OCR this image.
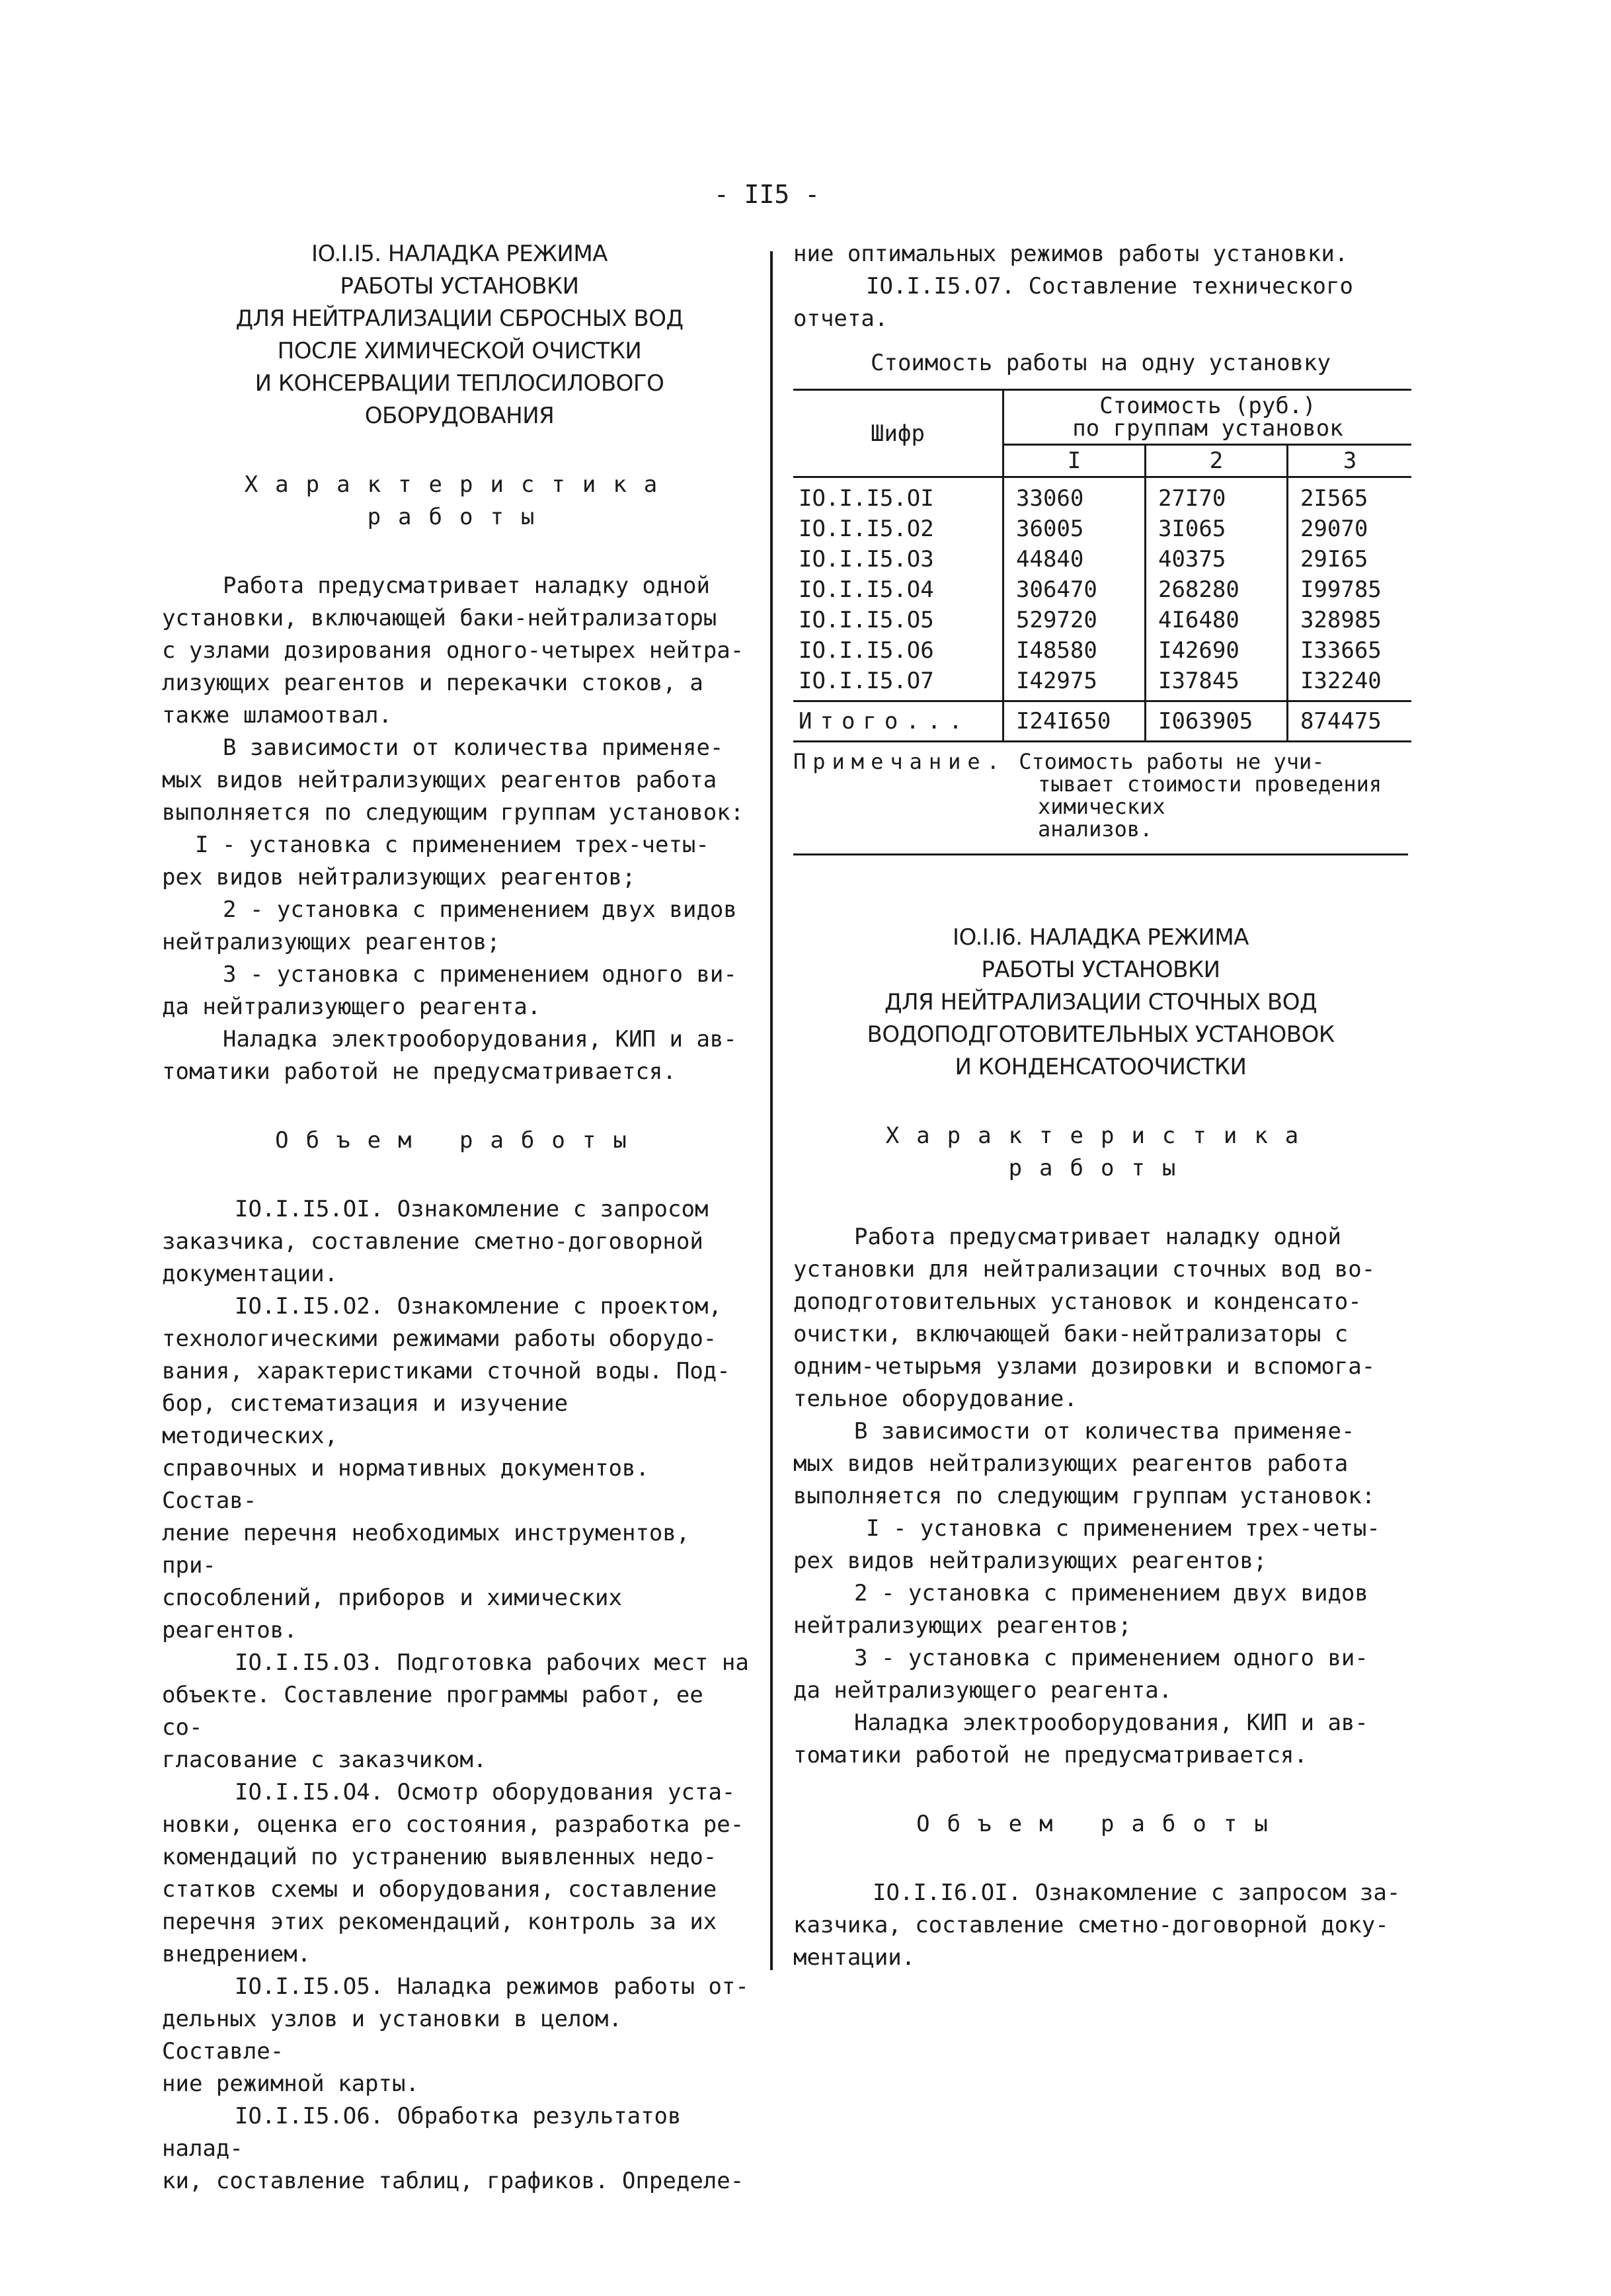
- II5 -

IO.I.I5. НАЛАДКА РЕЖИМА

РАБОТЫ УСТАНОВКИ

ДЛЯ НЕЙТРАЛИЗАЦИИ СБРОСНЫХ ВОД

ПОСЛЕ ХИМИЧЕСКОЙ ОЧИСТКИ

И КОНСЕРВАЦИИ ТЕПЛОСИЛОВОГО

ОБОРУДОВАНИЯ

Характеристика

работы

Работа предусматривает наладку одной

установки, включающей баки-нейтрализаторы

с узлами дозирования одного-четырех нейтра-

лизующих реагентов и перекачки стоков, а

также шламоотвал.

В зависимости от количества применяе-

мых видов нейтрализующих реагентов работа

выполняется по следующим группам установок:

I - установка с применением трех-четы-

рех видов нейтрализующих реагентов;

2 - установка с применением двух видов

нейтрализующих реагентов;

3 - установка с применением одного ви-

да нейтрализующего реагента.

Наладка электрооборудования, КИП и ав-

томатики работой не предусматривается.

Объем работы

IO.I.I5.OI. Ознакомление с запросом

заказчика, составление сметно-договорной

документации.

IO.I.I5.O2. Ознакомление с проектом,

технологическими режимами работы оборудо-

вания, характеристиками сточной воды. Под-

бор, систематизация и изучение методических,

справочных и нормативных документов. Состав-

ление перечня необходимых инструментов, при-

способлений, приборов и химических реагентов.

IO.I.I5.O3. Подготовка рабочих мест на

объекте. Составление программы работ, ее со-

гласование с заказчиком.

IO.I.I5.O4. Осмотр оборудования уста-

новки, оценка его состояния, разработка ре-

комендаций по устранению выявленных недо-

статков схемы и оборудования, составление

перечня этих рекомендаций, контроль за их

внедрением.

IO.I.I5.O5. Наладка режимов работы от-

дельных узлов и установки в целом. Составле-

ние режимной карты.

IO.I.I5.O6. Обработка результатов налад-

ки, составление таблиц, графиков. Определе-

ние оптимальных режимов работы установки.

IO.I.I5.O7. Составление технического

отчета.

Стоимость работы на одну установку

Шифр	Стоимость (руб.)
по группам установок		

	I	2	3
IO.I.I5.OI	33060	27I70	2I565
IO.I.I5.O2	36005	3I065	29070
IO.I.I5.O3	44840	40375	29I65
IO.I.I5.O4	306470	268280	I99785
IO.I.I5.O5	529720	4I6480	328985
IO.I.I5.O6	I48580	I42690	I33665
IO.I.I5.O7	I42975	I37845	I32240
Итого...	I24I650	I063905	874475
Примечание. Стоимость работы не учи-
тывает стоимости проведения химических
анализов.

IO.I.I6. НАЛАДКА РЕЖИМА

РАБОТЫ УСТАНОВКИ

ДЛЯ НЕЙТРАЛИЗАЦИИ СТОЧНЫХ ВОД

ВОДОПОДГОТОВИТЕЛЬНЫХ УСТАНОВОК

И КОНДЕНСАТООЧИСТКИ

Характеристика

работы

Работа предусматривает наладку одной

установки для нейтрализации сточных вод во-

доподготовительных установок и конденсато-

очистки, включающей баки-нейтрализаторы с

одним-четырьмя узлами дозировки и вспомога-

тельное оборудование.

В зависимости от количества применяе-

мых видов нейтрализующих реагентов работа

выполняется по следующим группам установок:

I - установка с применением трех-четы-

рех видов нейтрализующих реагентов;

2 - установка с применением двух видов

нейтрализующих реагентов;

3 - установка с применением одного ви-

да нейтрализующего реагента.

Наладка электрооборудования, КИП и ав-

томатики работой не предусматривается.

Объем работы

IO.I.I6.OI. Ознакомление с запросом за-

казчика, составление сметно-договорной доку-

ментации.
